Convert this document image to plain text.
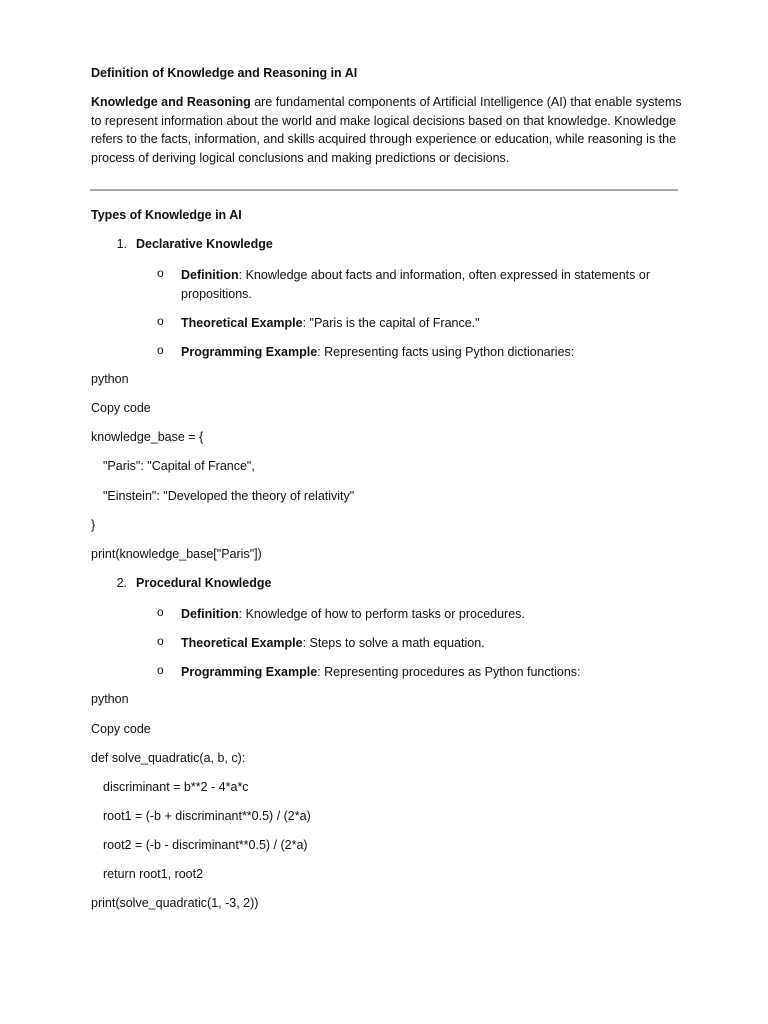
Definition of Knowledge and Reasoning in AI
Knowledge and Reasoning are fundamental components of Artificial Intelligence (AI) that enable systems to represent information about the world and make logical decisions based on that knowledge. Knowledge refers to the facts, information, and skills acquired through experience or education, while reasoning is the process of deriving logical conclusions and making predictions or decisions.
Types of Knowledge in AI
1. Declarative Knowledge
o Definition: Knowledge about facts and information, often expressed in statements or propositions.
o Theoretical Example: "Paris is the capital of France."
o Programming Example: Representing facts using Python dictionaries:
python
Copy code
knowledge_base = {
"Paris": "Capital of France",
"Einstein": "Developed the theory of relativity"
}
print(knowledge_base["Paris"])
2. Procedural Knowledge
o Definition: Knowledge of how to perform tasks or procedures.
o Theoretical Example: Steps to solve a math equation.
o Programming Example: Representing procedures as Python functions:
python
Copy code
def solve_quadratic(a, b, c):
discriminant = b**2 - 4*a*c
root1 = (-b + discriminant**0.5) / (2*a)
root2 = (-b - discriminant**0.5) / (2*a)
return root1, root2
print(solve_quadratic(1, -3, 2))
